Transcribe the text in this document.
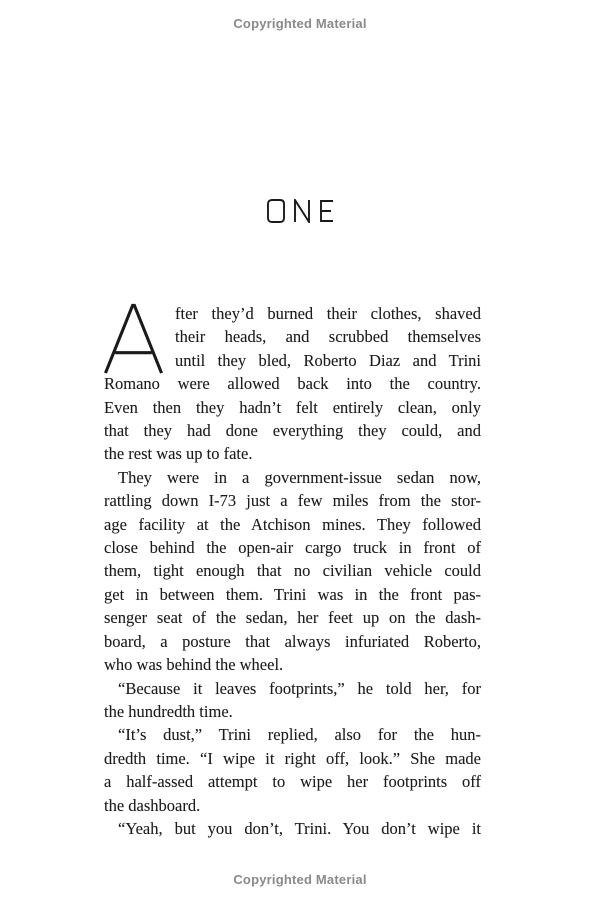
Copyrighted Material
fter they’d burned their clothes, shaved
their heads, and scrubbed themselves
until they bled, Roberto Diaz and Trini
Romano were allowed back into the country.
Even then they hadn’t felt entirely clean, only
that they had done everything they could, and
the rest was up to fate.
They were in a government-issue sedan now,
rattling down I-73 just a few miles from the stor-
age facility at the Atchison mines. They followed
close behind the open-air cargo truck in front of
them, tight enough that no civilian vehicle could
get in between them. Trini was in the front pas-
senger seat of the sedan, her feet up on the dash-
board, a posture that always infuriated Roberto,
who was behind the wheel.
“Because it leaves footprints,” he told her, for
the hundredth time.
“It’s dust,” Trini replied, also for the hun-
dredth time. “I wipe it right off, look.” She made
a half-assed attempt to wipe her footprints off
the dashboard.
“Yeah, but you don’t, Trini. You don’t wipe it
Copyrighted Material
